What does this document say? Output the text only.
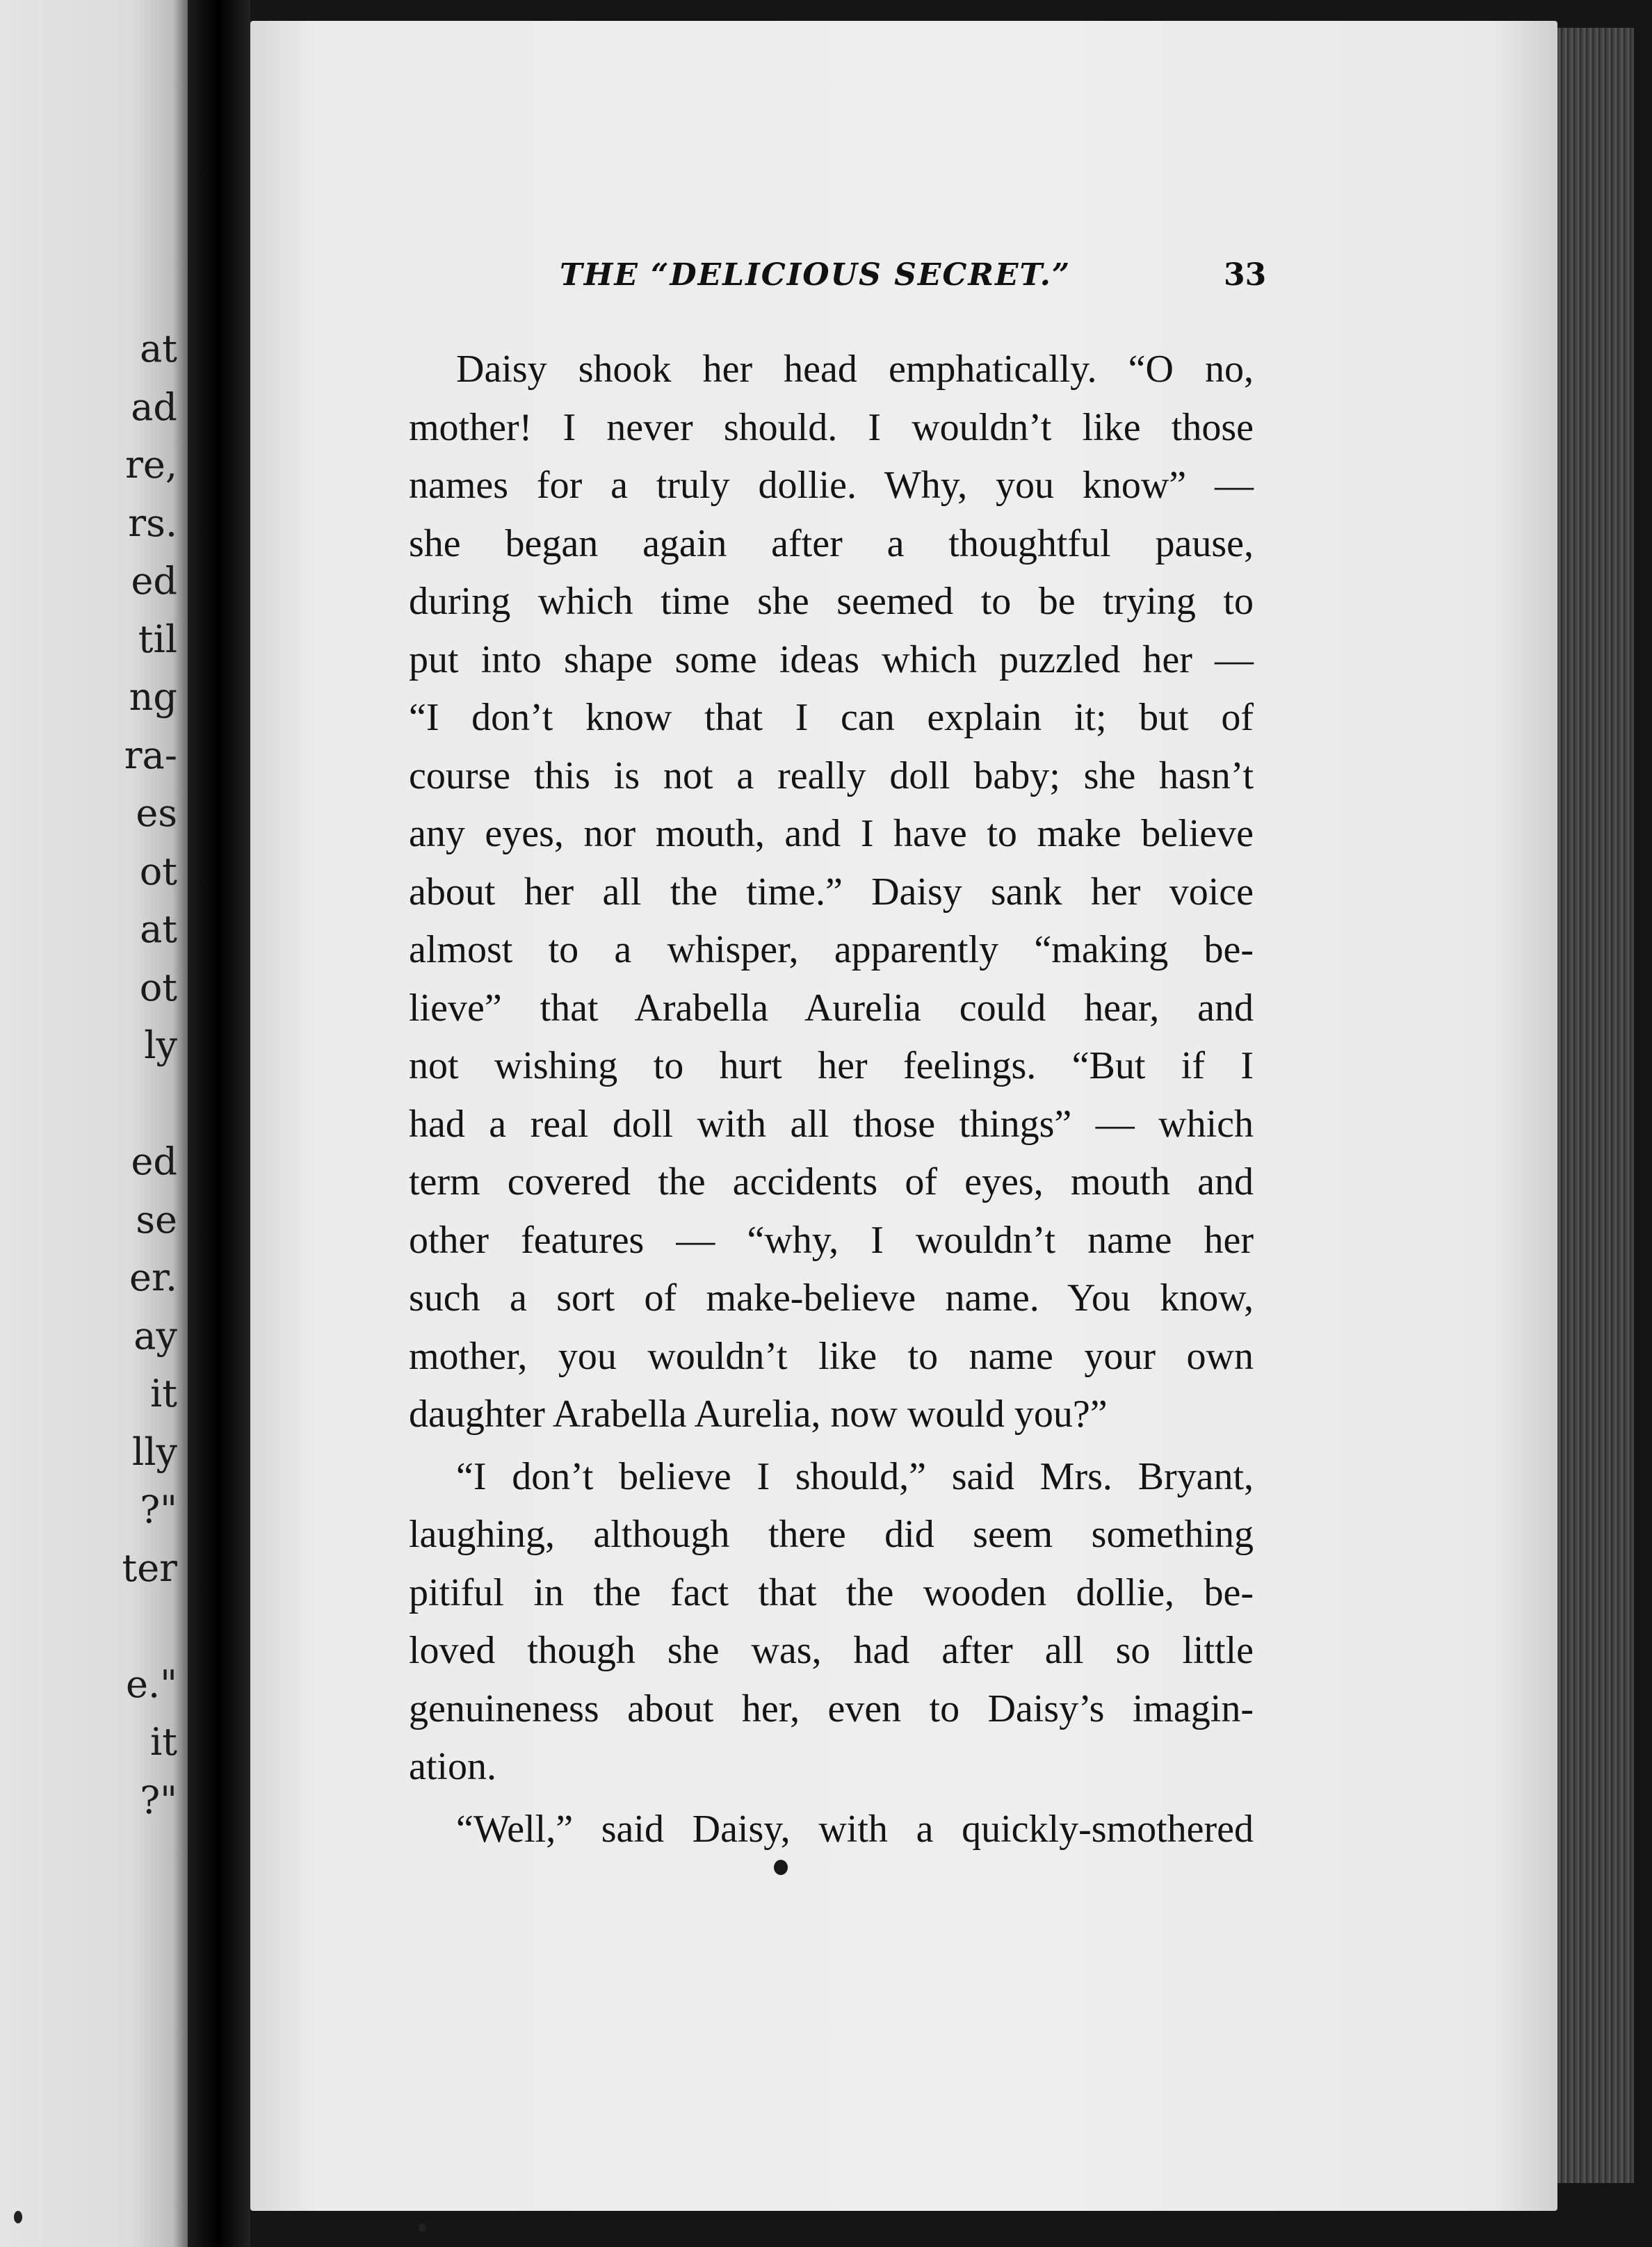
at
ad
re,
rs.
ed
til
ng
ra-
es
ot
at
ot
ly
ed
se
er.
ay
it
lly
?"
ter
e."
it
?"
THE “DELICIOUS SECRET.”	33
Daisy shook her head emphatically. “O no,
mother! I never should. I wouldn’t like those
names for a truly dollie. Why, you know” —
she began again after a thoughtful pause,
during which time she seemed to be trying to
put into shape some ideas which puzzled her —
“I don’t know that I can explain it; but of
course this is not a really doll baby; she hasn’t
any eyes, nor mouth, and I have to make believe
about her all the time.” Daisy sank her voice
almost to a whisper, apparently “making be-
lieve” that Arabella Aurelia could hear, and
not wishing to hurt her feelings. “But if I
had a real doll with all those things” — which
term covered the accidents of eyes, mouth and
other features — “why, I wouldn’t name her
such a sort of make-believe name. You know,
mother, you wouldn’t like to name your own
daughter Arabella Aurelia, now would you?”
“I don’t believe I should,” said Mrs. Bryant,
laughing, although there did seem something
pitiful in the fact that the wooden dollie, be-
loved though she was, had after all so little
genuineness about her, even to Daisy’s imagin-
ation.
“Well,” said Daisy, with a quickly-smothered
